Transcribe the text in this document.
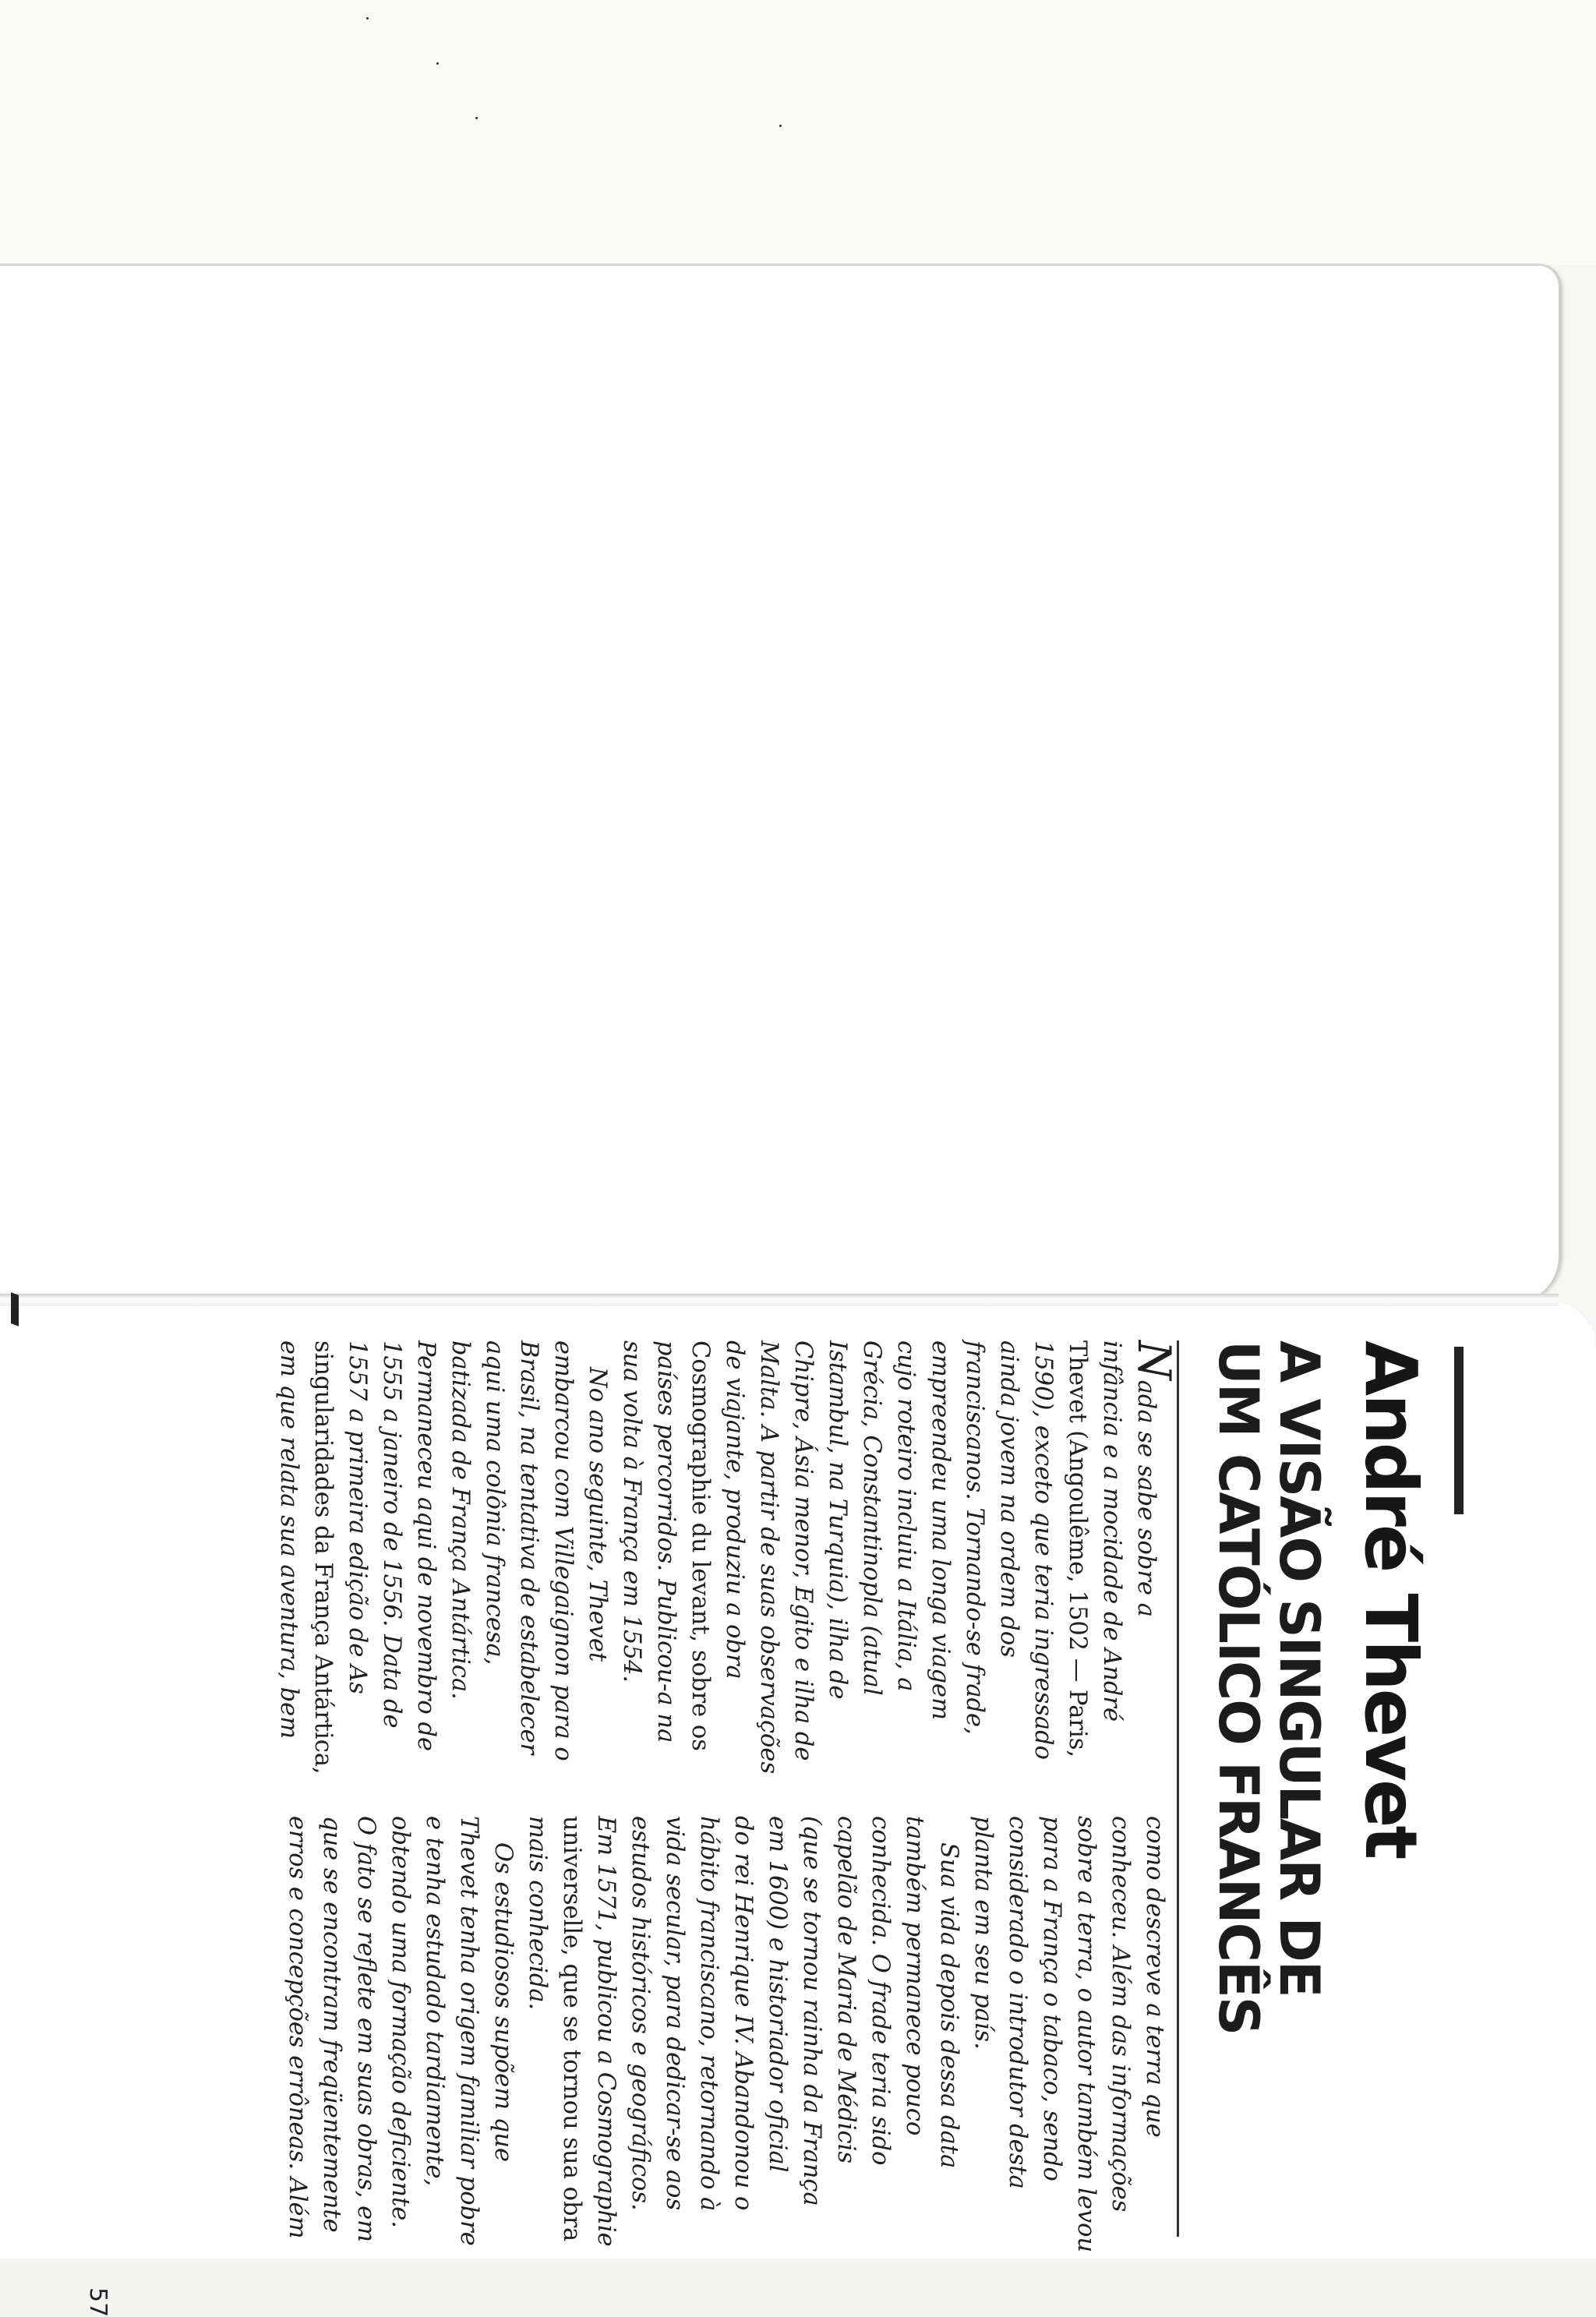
André Thevet
A VISÃO SINGULAR DE
UM CATÓLICO FRANCÊS

Nada se sabe sobre a
infância e a mocidade de André
Thevet (Angoulême, 1502 — Paris,
1590), exceto que teria ingressado
ainda jovem na ordem dos
franciscanos. Tornando-se frade,
empreendeu uma longa viagem
cujo roteiro incluiu a Itália, a
Grécia, Constantinopla (atual
Istambul, na Turquia), ilha de
Chipre, Ásia menor, Egito e ilha de
Malta. A partir de suas observações
de viajante, produziu a obra
Cosmographie du levant, sobre os
países percorridos. Publicou-a na
sua volta à França em 1554.
No ano seguinte, Thevet
embarcou com Villegaignon para o
Brasil, na tentativa de estabelecer
aqui uma colônia francesa,
batizada de França Antártica.
Permaneceu aqui de novembro de
1555 a janeiro de 1556. Data de
1557 a primeira edição de As
singularidades da França Antártica,
em que relata sua aventura, bem

como descreve a terra que
conheceu. Além das informações
sobre a terra, o autor também levou
para a França o tabaco, sendo
considerado o introdutor desta
planta em seu país.
Sua vida depois dessa data
também permanece pouco
conhecida. O frade teria sido
capelão de Maria de Médicis
(que se tornou rainha da França
em 1600) e historiador oficial
do rei Henrique IV. Abandonou o
hábito franciscano, retornando à
vida secular, para dedicar-se aos
estudos históricos e geográficos.
Em 1571, publicou a Cosmographie
universelle, que se tornou sua obra
mais conhecida.
Os estudiosos supõem que
Thevet tenha origem familiar pobre
e tenha estudado tardiamente,
obtendo uma formação deficiente.
O fato se reflete em suas obras, em
que se encontram freqüentemente
erros e concepções errôneas. Além

57
